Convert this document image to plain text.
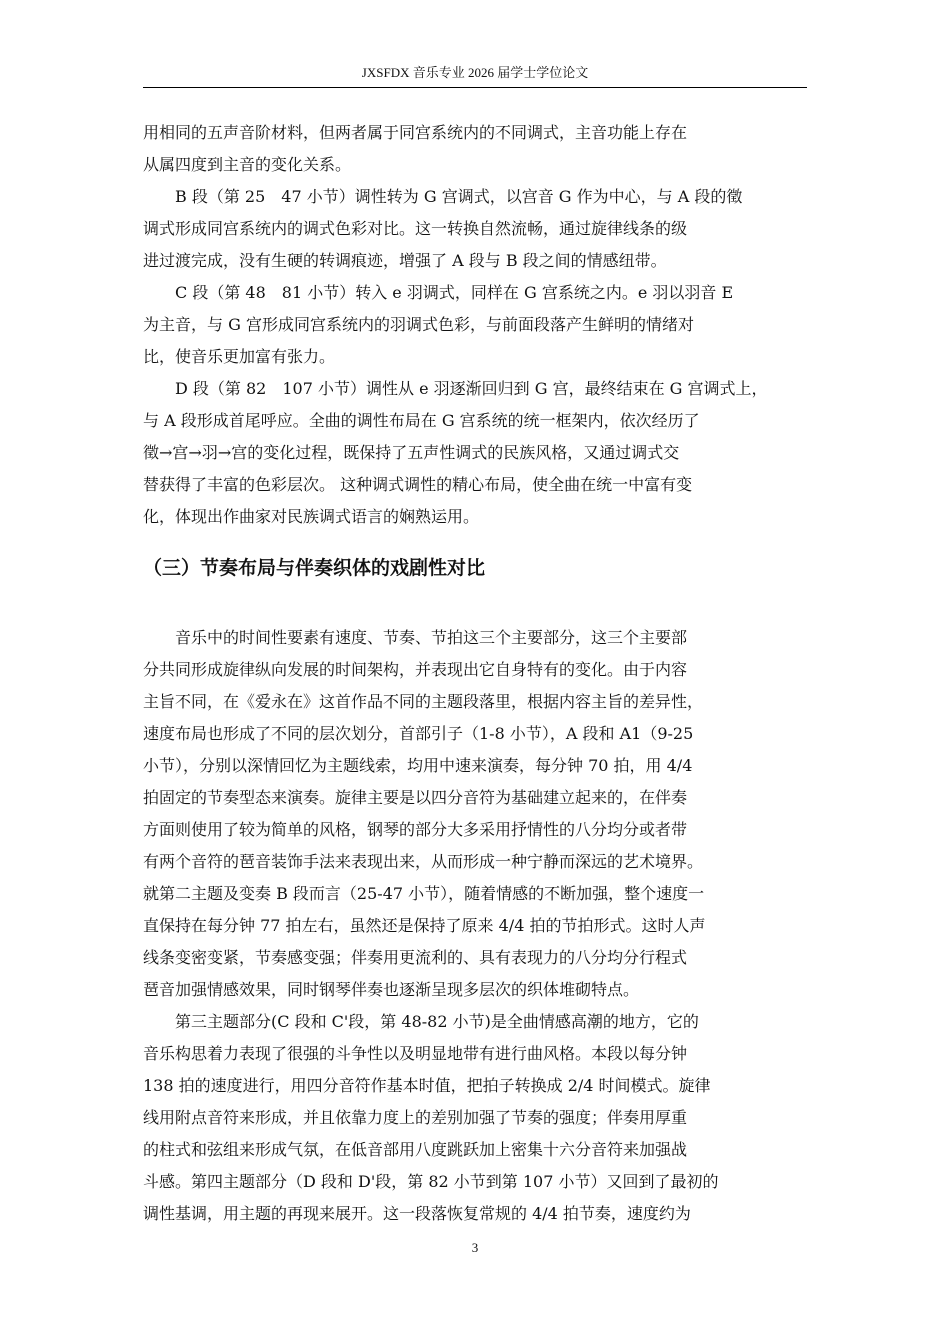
JXSFDX 音乐专业 2026 届学士学位论文
用相同的五声音阶材料，但两者属于同宫系统内的不同调式，主音功能上存在
从属四度到主音的变化关系。
　　B 段（第 25　47 小节）调性转为 G 宫调式，以宫音 G 作为中心，与 A 段的徵
调式形成同宫系统内的调式色彩对比。这一转换自然流畅，通过旋律线条的级
进过渡完成，没有生硬的转调痕迹，增强了 A 段与 B 段之间的情感纽带。
　　C 段（第 48　81 小节）转入 e 羽调式，同样在 G 宫系统之内。e 羽以羽音 E
为主音，与 G 宫形成同宫系统内的羽调式色彩，与前面段落产生鲜明的情绪对
比，使音乐更加富有张力。
　　D 段（第 82　107 小节）调性从 e 羽逐渐回归到 G 宫，最终结束在 G 宫调式上，
与 A 段形成首尾呼应。全曲的调性布局在 G 宫系统的统一框架内，依次经历了
徵→宫→羽→宫的变化过程，既保持了五声性调式的民族风格，又通过调式交
替获得了丰富的色彩层次。 这种调式调性的精心布局，使全曲在统一中富有变
化，体现出作曲家对民族调式语言的娴熟运用。
（三）节奏布局与伴奏织体的戏剧性对比
　　音乐中的时间性要素有速度、节奏、节拍这三个主要部分，这三个主要部
分共同形成旋律纵向发展的时间架构，并表现出它自身特有的变化。由于内容
主旨不同，在《爱永在》这首作品不同的主题段落里，根据内容主旨的差异性，
速度布局也形成了不同的层次划分，首部引子（1-8 小节），A 段和 A1（9-25
小节），分别以深情回忆为主题线索，均用中速来演奏，每分钟 70 拍，用 4/4
拍固定的节奏型态来演奏。旋律主要是以四分音符为基础建立起来的，在伴奏
方面则使用了较为简单的风格，钢琴的部分大多采用抒情性的八分均分或者带
有两个音符的琶音装饰手法来表现出来，从而形成一种宁静而深远的艺术境界。
就第二主题及变奏 B 段而言（25-47 小节），随着情感的不断加强，整个速度一
直保持在每分钟 77 拍左右，虽然还是保持了原来 4/4 拍的节拍形式。这时人声
线条变密变紧，节奏感变强；伴奏用更流利的、具有表现力的八分均分行程式
琶音加强情感效果，同时钢琴伴奏也逐渐呈现多层次的织体堆砌特点。
　　第三主题部分(C 段和 C'段，第 48-82 小节)是全曲情感高潮的地方，它的
音乐构思着力表现了很强的斗争性以及明显地带有进行曲风格。本段以每分钟
138 拍的速度进行，用四分音符作基本时值，把拍子转换成 2/4 时间模式。旋律
线用附点音符来形成，并且依靠力度上的差别加强了节奏的强度；伴奏用厚重
的柱式和弦组来形成气氛，在低音部用八度跳跃加上密集十六分音符来加强战
斗感。第四主题部分（D 段和 D'段，第 82 小节到第 107 小节）又回到了最初的
调性基调，用主题的再现来展开。这一段落恢复常规的 4/4 拍节奏，速度约为
3
